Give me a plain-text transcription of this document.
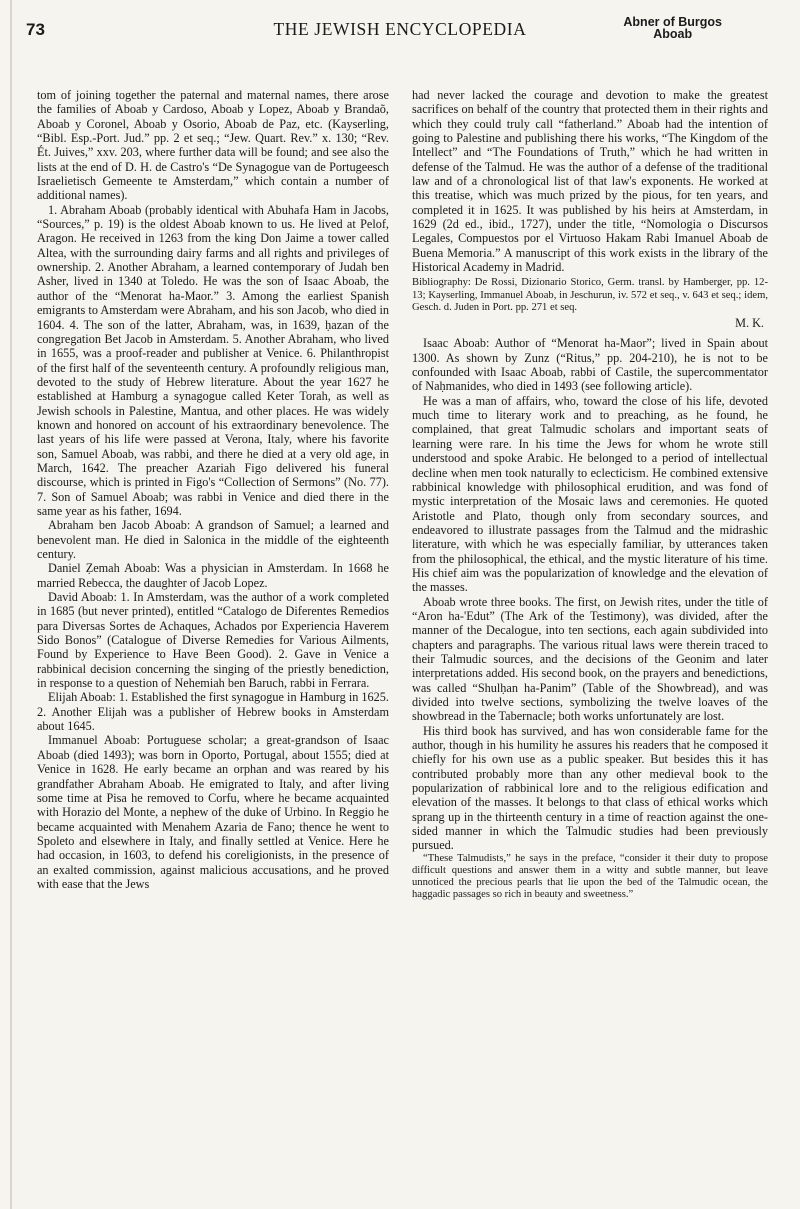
73	THE JEWISH ENCYCLOPEDIA	Abner of Burgos
Aboab

tom of joining together the paternal and maternal names, there arose the families of Aboab y Cardoso, Aboab y Lopez, Aboab y Brandaõ, Aboab y Coronel, Aboab y Osorio, Aboab de Paz, etc. (Kayserling, “Bibl. Esp.-Port. Jud.” pp. 2 et seq.; “Jew. Quart. Rev.” x. 130; “Rev. Ét. Juives,” xxv. 203, where further data will be found; and see also the lists at the end of D. H. de Castro's “De Synagogue van de Portugeesch Israelietisch Gemeente te Amsterdam,” which contain a number of additional names).

1. Abraham Aboab (probably identical with Abuhafa Ham in Jacobs, “Sources,” p. 19) is the oldest Aboab known to us. He lived at Pelof, Aragon. He received in 1263 from the king Don Jaime a tower called Altea, with the surrounding dairy farms and all rights and privileges of ownership. 2. Another Abraham, a learned contemporary of Judah ben Asher, lived in 1340 at Toledo. He was the son of Isaac Aboab, the author of the “Menorat ha-Maor.” 3. Among the earliest Spanish emigrants to Amsterdam were Abraham, and his son Jacob, who died in 1604. 4. The son of the latter, Abraham, was, in 1639, ḥazan of the congregation Bet Jacob in Amsterdam. 5. Another Abraham, who lived in 1655, was a proof-reader and publisher at Venice. 6. Philanthropist of the first half of the seventeenth century. A profoundly religious man, devoted to the study of Hebrew literature. About the year 1627 he established at Hamburg a synagogue called Keter Torah, as well as Jewish schools in Palestine, Mantua, and other places. He was widely known and honored on account of his extraordinary benevolence. The last years of his life were passed at Verona, Italy, where his favorite son, Samuel Aboab, was rabbi, and there he died at a very old age, in March, 1642. The preacher Azariah Figo delivered his funeral discourse, which is printed in Figo's “Collection of Sermons” (No. 77). 7. Son of Samuel Aboab; was rabbi in Venice and died there in the same year as his father, 1694.

Abraham ben Jacob Aboab: A grandson of Samuel; a learned and benevolent man. He died in Salonica in the middle of the eighteenth century.

Daniel Ẓemah Aboab: Was a physician in Amsterdam. In 1668 he married Rebecca, the daughter of Jacob Lopez.

David Aboab: 1. In Amsterdam, was the author of a work completed in 1685 (but never printed), entitled “Catalogo de Diferentes Remedios para Diversas Sortes de Achaques, Achados por Experiencia Haverem Sido Bonos” (Catalogue of Diverse Remedies for Various Ailments, Found by Experience to Have Been Good). 2. Gave in Venice a rabbinical decision concerning the singing of the priestly benediction, in response to a question of Nehemiah ben Baruch, rabbi in Ferrara.

Elijah Aboab: 1. Established the first synagogue in Hamburg in 1625. 2. Another Elijah was a publisher of Hebrew books in Amsterdam about 1645.

Immanuel Aboab: Portuguese scholar; a great-grandson of Isaac Aboab (died 1493); was born in Oporto, Portugal, about 1555; died at Venice in 1628. He early became an orphan and was reared by his grandfather Abraham Aboab. He emigrated to Italy, and after living some time at Pisa he removed to Corfu, where he became acquainted with Horazio del Monte, a nephew of the duke of Urbino. In Reggio he became acquainted with Menahem Azaria de Fano; thence he went to Spoleto and elsewhere in Italy, and finally settled at Venice. Here he had occasion, in 1603, to defend his coreligionists, in the presence of an exalted commission, against malicious accusations, and he proved with ease that the Jews

had never lacked the courage and devotion to make the greatest sacrifices on behalf of the country that protected them in their rights and which they could truly call “fatherland.” Aboab had the intention of going to Palestine and publishing there his works, “The Kingdom of the Intellect” and “The Foundations of Truth,” which he had written in defense of the Talmud. He was the author of a defense of the traditional law and of a chronological list of that law's exponents. He worked at this treatise, which was much prized by the pious, for ten years, and completed it in 1625. It was published by his heirs at Amsterdam, in 1629 (2d ed., ibid., 1727), under the title, “Nomologia o Discursos Legales, Compuestos por el Virtuoso Hakam Rabi Imanuel Aboab de Buena Memoria.” A manuscript of this work exists in the library of the Historical Academy in Madrid.

Bibliography: De Rossi, Dizionario Storico, Germ. transl. by Hamberger, pp. 12-13; Kayserling, Immanuel Aboab, in Jeschurun, iv. 572 et seq., v. 643 et seq.; idem, Gesch. d. Juden in Port. pp. 271 et seq.

M. K.

Isaac Aboab: Author of “Menorat ha-Maor”; lived in Spain about 1300. As shown by Zunz (“Ritus,” pp. 204-210), he is not to be confounded with Isaac Aboab, rabbi of Castile, the supercommentator of Naḥmanides, who died in 1493 (see following article).

He was a man of affairs, who, toward the close of his life, devoted much time to literary work and to preaching, as he found, he complained, that great Talmudic scholars and important seats of learning were rare. In his time the Jews for whom he wrote still understood and spoke Arabic. He belonged to a period of intellectual decline when men took naturally to eclecticism. He combined extensive rabbinical knowledge with philosophical erudition, and was fond of mystic interpretation of the Mosaic laws and ceremonies. He quoted Aristotle and Plato, though only from secondary sources, and endeavored to illustrate passages from the Talmud and the midrashic literature, with which he was especially familiar, by utterances taken from the philosophical, the ethical, and the mystic literature of his time. His chief aim was the popularization of knowledge and the elevation of the masses.

Aboab wrote three books. The first, on Jewish rites, under the title of “Aron ha-'Edut” (The Ark of the Testimony), was divided, after the manner of the Decalogue, into ten sections, each again subdivided into chapters and paragraphs. The various ritual laws were therein traced to their Talmudic sources, and the decisions of the Geonim and later interpretations added. His second book, on the prayers and benedictions, was called “Shulḥan ha-Panim” (Table of the Showbread), and was divided into twelve sections, symbolizing the twelve loaves of the showbread in the Tabernacle; both works unfortunately are lost.

His third book has survived, and has won considerable fame for the author, though in his humility he assures his readers that he composed it chiefly for his own use as a public speaker. But besides this it has contributed probably more than any other medieval book to the popularization of rabbinical lore and to the religious edification and elevation of the masses. It belongs to that class of ethical works which sprang up in the thirteenth century in a time of reaction against the one-sided manner in which the Talmudic studies had been previously pursued.

“These Talmudists,” he says in the preface, “consider it their duty to propose difficult questions and answer them in a witty and subtle manner, but leave unnoticed the precious pearls that lie upon the bed of the Talmudic ocean, the haggadic passages so rich in beauty and sweetness.”
